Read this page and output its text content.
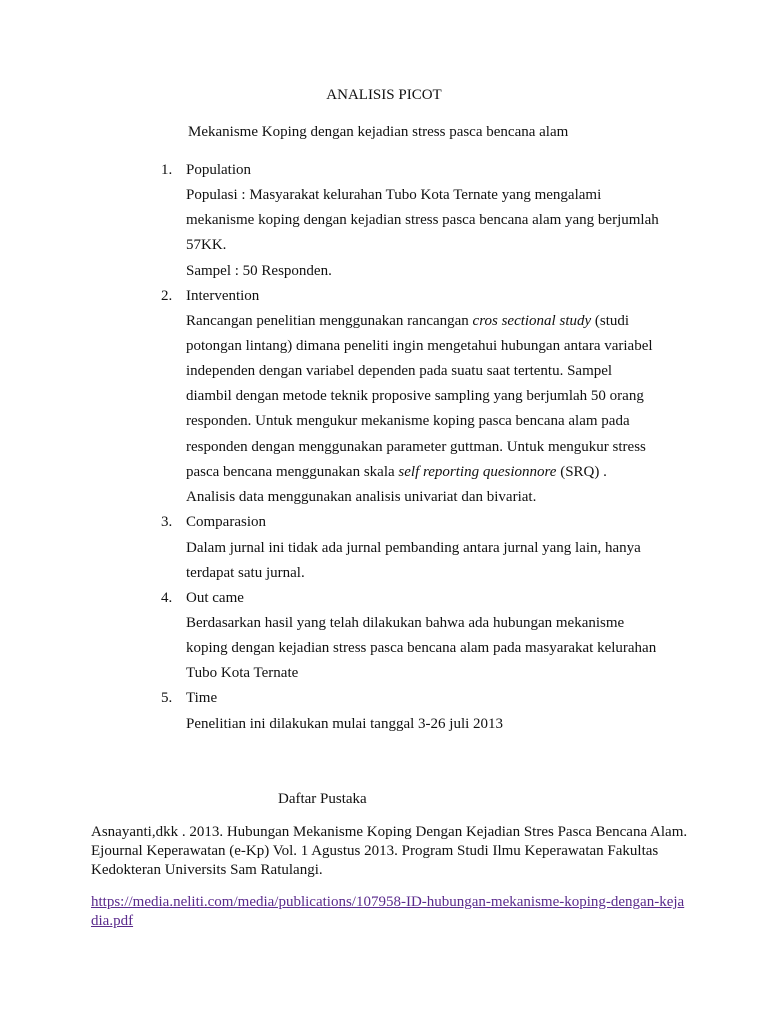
ANALISIS PICOT
Mekanisme Koping dengan kejadian stress pasca bencana alam
1. Population
Populasi : Masyarakat kelurahan Tubo Kota Ternate yang mengalami
mekanisme koping dengan kejadian stress pasca bencana alam yang berjumlah
57KK.
Sampel : 50 Responden.
2. Intervention
Rancangan penelitian menggunakan rancangan cros sectional study (studi
potongan lintang) dimana peneliti ingin mengetahui hubungan antara variabel
independen dengan variabel dependen pada suatu saat tertentu. Sampel
diambil dengan metode teknik proposive sampling yang berjumlah 50 orang
responden. Untuk mengukur mekanisme koping pasca bencana alam pada
responden dengan menggunakan parameter guttman. Untuk mengukur stress
pasca bencana menggunakan skala self reporting quesionnore (SRQ) .
Analisis data menggunakan analisis univariat dan bivariat.
3. Comparasion
Dalam jurnal ini tidak ada jurnal pembanding antara jurnal yang lain, hanya
terdapat satu jurnal.
4. Out came
Berdasarkan hasil yang telah dilakukan bahwa ada hubungan mekanisme
koping dengan kejadian stress pasca bencana alam pada masyarakat kelurahan
Tubo Kota Ternate
5. Time
Penelitian ini dilakukan mulai tanggal 3-26 juli 2013
Daftar Pustaka
Asnayanti,dkk . 2013. Hubungan Mekanisme Koping Dengan Kejadian Stres Pasca Bencana Alam. Ejournal Keperawatan (e-Kp) Vol. 1 Agustus 2013. Program Studi Ilmu Keperawatan Fakultas Kedokteran Universits Sam Ratulangi.
https://media.neliti.com/media/publications/107958-ID-hubungan-mekanisme-koping-dengan-kejadia.pdf
